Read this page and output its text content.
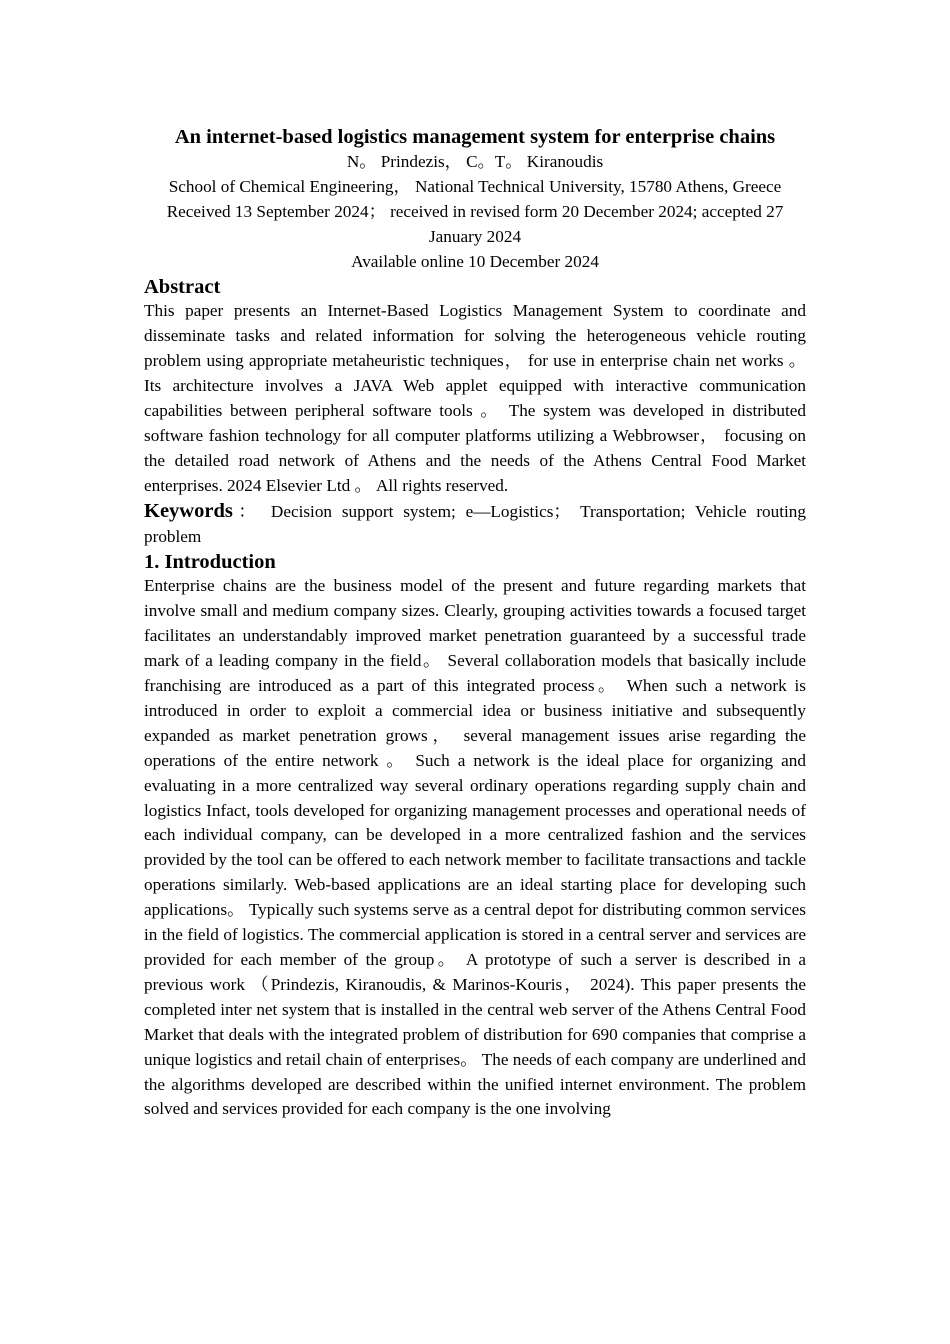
An internet-based logistics management system for enterprise chains
N。 Prindezis， C。T。 Kiranoudis
School of Chemical Engineering， National Technical University, 15780 Athens, Greece
Received 13 September 2024； received in revised form 20 December 2024; accepted 27 January 2024
Available online 10 December 2024
Abstract

This paper presents an Internet-Based Logistics Management System to coordinate and disseminate tasks and related information for solving the heterogeneous vehicle routing problem using appropriate metaheuristic techniques， for use in enterprise chain net works 。 Its architecture involves a JAVA Web applet equipped with interactive communication capabilities between peripheral software tools 。 The system was developed in distributed software fashion technology for all computer platforms utilizing a Webbrowser， focusing on the detailed road network of Athens and the needs of the Athens Central Food Market enterprises. 2024 Elsevier Ltd 。 All rights reserved.

Keywords： Decision support system; e—Logistics； Transportation; Vehicle routing problem

1. Introduction

Enterprise chains are the business model of the present and future regarding markets that involve small and medium company sizes. Clearly, grouping activities towards a focused target facilitates an understandably improved market penetration guaranteed by a successful trade mark of a leading company in the field。 Several collaboration models that basically include franchising are introduced as a part of this integrated process。 When such a network is introduced in order to exploit a commercial idea or business initiative and subsequently expanded as market penetration grows， several management issues arise regarding the operations of the entire network 。 Such a network is the ideal place for organizing and evaluating in a more centralized way several ordinary operations regarding supply chain and logistics Infact, tools developed for organizing management processes and operational needs of each individual company, can be developed in a more centralized fashion and the services provided by the tool can be offered to each network member to facilitate transactions and tackle operations similarly. Web-based applications are an ideal starting place for developing such applications。 Typically such systems serve as a central depot for distributing common services in the field of logistics. The commercial application is stored in a central server and services are provided for each member of the group。 A prototype of such a server is described in a previous work （Prindezis, Kiranoudis, & Marinos-Kouris， 2024). This paper presents the completed inter net system that is installed in the central web server of the Athens Central Food Market that deals with the integrated problem of distribution for 690 companies that comprise a unique logistics and retail chain of enterprises。 The needs of each company are underlined and the algorithms developed are described within the unified internet environment. The problem solved and services provided for each company is the one involving
